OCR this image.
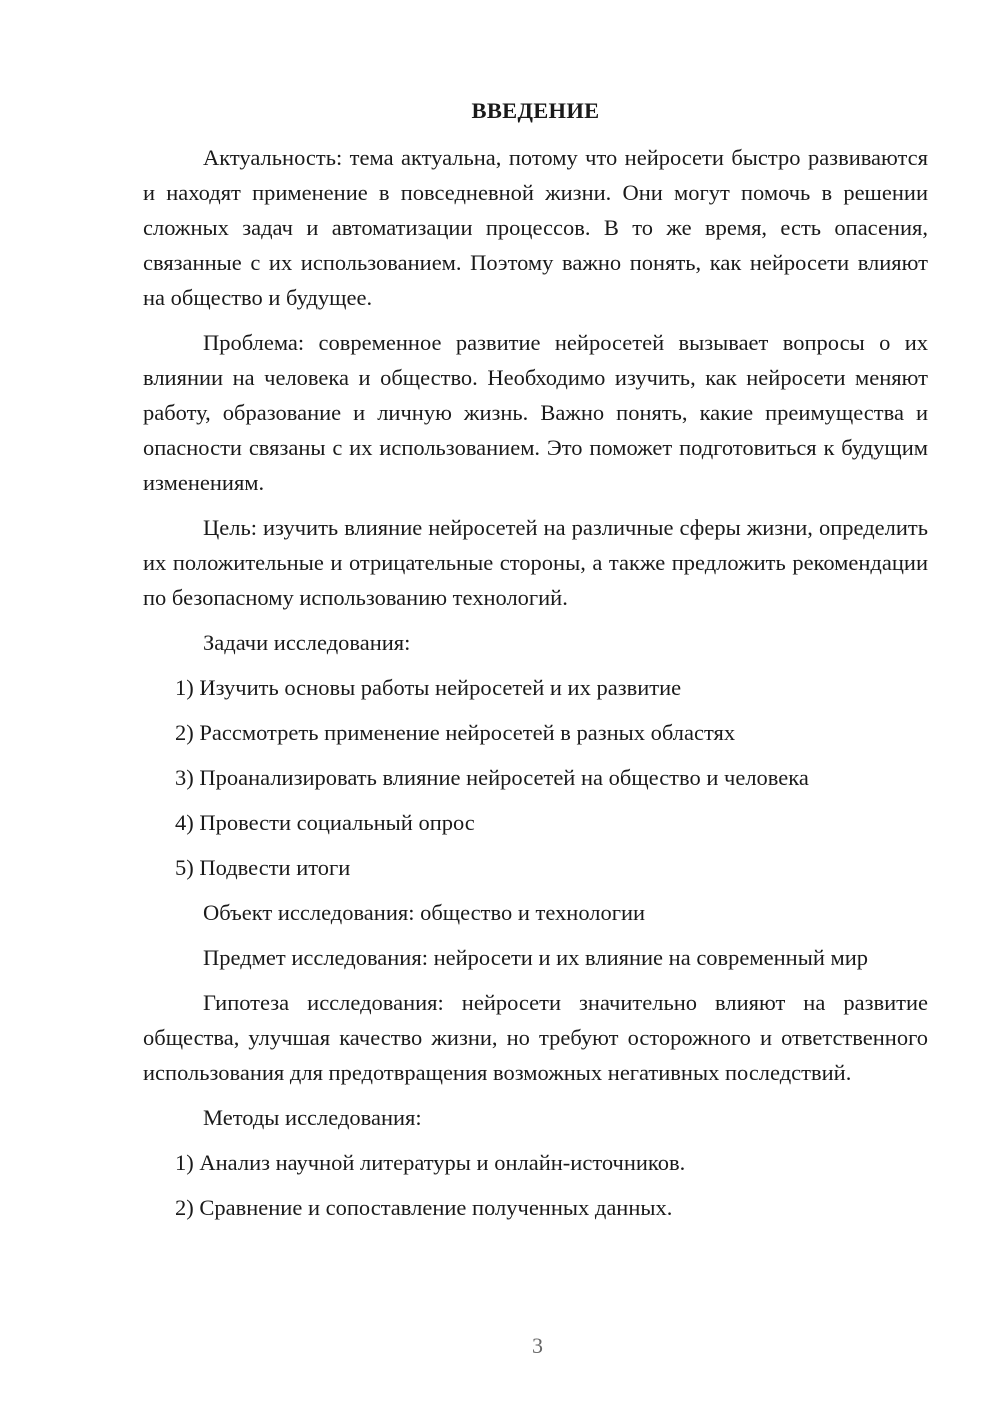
ВВЕДЕНИЕ

Актуальность: тема актуальна, потому что нейросети быстро развиваются и находят применение в повседневной жизни. Они могут помочь в решении сложных задач и автоматизации процессов. В то же время, есть опасения, связанные с их использованием. Поэтому важно понять, как нейросети влияют на общество и будущее.

Проблема: современное развитие нейросетей вызывает вопросы о их влиянии на человека и общество. Необходимо изучить, как нейросети меняют работу, образование и личную жизнь. Важно понять, какие преимущества и опасности связаны с их использованием. Это поможет подготовиться к будущим изменениям.

Цель: изучить влияние нейросетей на различные сферы жизни, определить их положительные и отрицательные стороны, а также предложить рекомендации по безопасному использованию технологий.

Задачи исследования:

1) Изучить основы работы нейросетей и их развитие
2) Рассмотреть применение нейросетей в разных областях
3) Проанализировать влияние нейросетей на общество и человека
4) Провести социальный опрос
5) Подвести итоги

Объект исследования: общество и технологии

Предмет исследования: нейросети и их влияние на современный мир

Гипотеза исследования: нейросети значительно влияют на развитие общества, улучшая качество жизни, но требуют осторожного и ответственного использования для предотвращения возможных негативных последствий.

Методы исследования:

1) Анализ научной литературы и онлайн-источников.
2) Сравнение и сопоставление полученных данных.
3
